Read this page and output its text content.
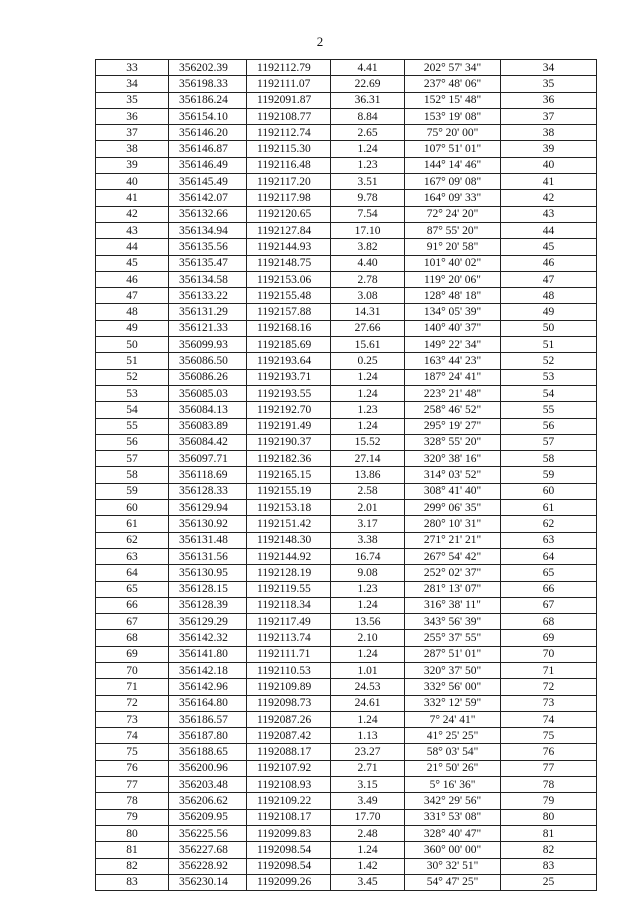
2
33	356202.39	1192112.79	4.41	202° 57' 34"	34
34	356198.33	1192111.07	22.69	237° 48' 06"	35
35	356186.24	1192091.87	36.31	152° 15' 48"	36
36	356154.10	1192108.77	8.84	153° 19' 08"	37
37	356146.20	1192112.74	2.65	75° 20' 00"	38
38	356146.87	1192115.30	1.24	107° 51' 01"	39
39	356146.49	1192116.48	1.23	144° 14' 46"	40
40	356145.49	1192117.20	3.51	167° 09' 08"	41
41	356142.07	1192117.98	9.78	164° 09' 33"	42
42	356132.66	1192120.65	7.54	72° 24' 20"	43
43	356134.94	1192127.84	17.10	87° 55' 20"	44
44	356135.56	1192144.93	3.82	91° 20' 58"	45
45	356135.47	1192148.75	4.40	101° 40' 02"	46
46	356134.58	1192153.06	2.78	119° 20' 06"	47
47	356133.22	1192155.48	3.08	128° 48' 18"	48
48	356131.29	1192157.88	14.31	134° 05' 39"	49
49	356121.33	1192168.16	27.66	140° 40' 37"	50
50	356099.93	1192185.69	15.61	149° 22' 34"	51
51	356086.50	1192193.64	0.25	163° 44' 23"	52
52	356086.26	1192193.71	1.24	187° 24' 41"	53
53	356085.03	1192193.55	1.24	223° 21' 48"	54
54	356084.13	1192192.70	1.23	258° 46' 52"	55
55	356083.89	1192191.49	1.24	295° 19' 27"	56
56	356084.42	1192190.37	15.52	328° 55' 20"	57
57	356097.71	1192182.36	27.14	320° 38' 16"	58
58	356118.69	1192165.15	13.86	314° 03' 52"	59
59	356128.33	1192155.19	2.58	308° 41' 40"	60
60	356129.94	1192153.18	2.01	299° 06' 35"	61
61	356130.92	1192151.42	3.17	280° 10' 31"	62
62	356131.48	1192148.30	3.38	271° 21' 21"	63
63	356131.56	1192144.92	16.74	267° 54' 42"	64
64	356130.95	1192128.19	9.08	252° 02' 37"	65
65	356128.15	1192119.55	1.23	281° 13' 07"	66
66	356128.39	1192118.34	1.24	316° 38' 11"	67
67	356129.29	1192117.49	13.56	343° 56' 39"	68
68	356142.32	1192113.74	2.10	255° 37' 55"	69
69	356141.80	1192111.71	1.24	287° 51' 01"	70
70	356142.18	1192110.53	1.01	320° 37' 50"	71
71	356142.96	1192109.89	24.53	332° 56' 00"	72
72	356164.80	1192098.73	24.61	332° 12' 59"	73
73	356186.57	1192087.26	1.24	7° 24' 41"	74
74	356187.80	1192087.42	1.13	41° 25' 25"	75
75	356188.65	1192088.17	23.27	58° 03' 54"	76
76	356200.96	1192107.92	2.71	21° 50' 26"	77
77	356203.48	1192108.93	3.15	5° 16' 36"	78
78	356206.62	1192109.22	3.49	342° 29' 56"	79
79	356209.95	1192108.17	17.70	331° 53' 08"	80
80	356225.56	1192099.83	2.48	328° 40' 47"	81
81	356227.68	1192098.54	1.24	360° 00' 00"	82
82	356228.92	1192098.54	1.42	30° 32' 51"	83
83	356230.14	1192099.26	3.45	54° 47' 25"	25
